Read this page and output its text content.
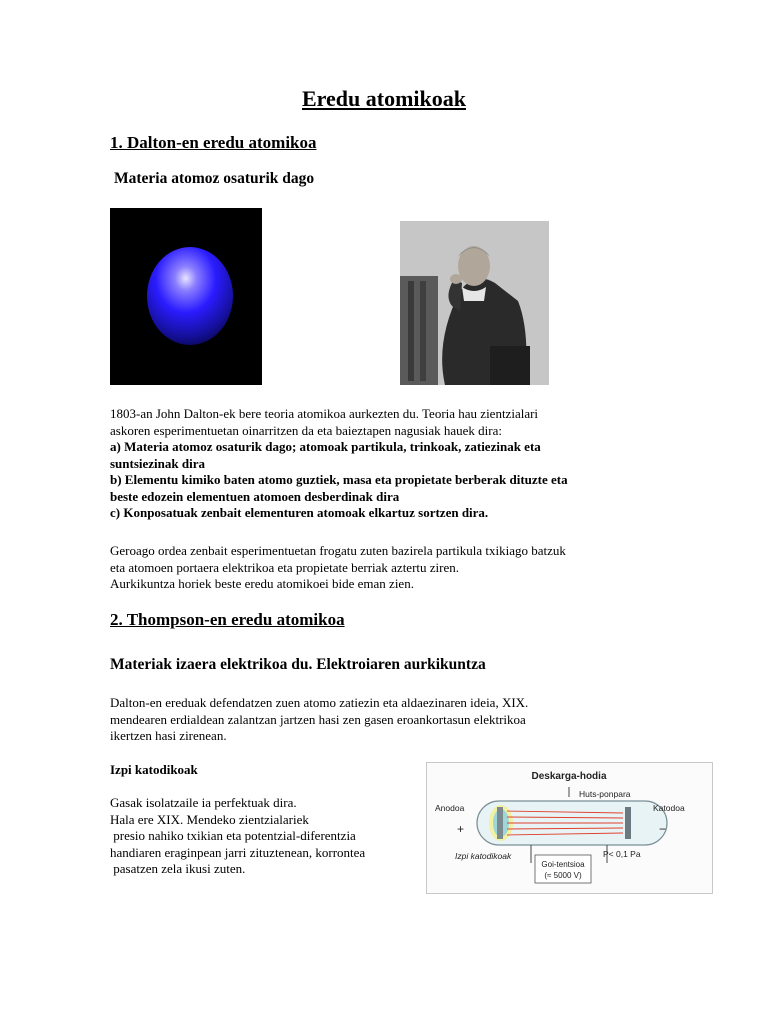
Eredu atomikoak
1. Dalton-en eredu atomikoa
Materia atomoz osaturik dago
1803-an John Dalton-ek bere teoria atomikoa aurkezten du. Teoria hau zientzialari
askoren esperimentuetan oinarritzen da eta baieztapen nagusiak hauek dira:
a) Materia atomoz osaturik dago; atomoak partikula, trinkoak, zatiezinak eta
suntsiezinak dira
b) Elementu kimiko baten atomo guztiek, masa eta propietate berberak dituzte eta
beste edozein elementuen atomoen desberdinak dira
c) Konposatuak zenbait elementuren atomoak elkartuz sortzen dira.
Geroago ordea zenbait esperimentuetan frogatu zuten bazirela partikula txikiago batzuk
eta atomoen portaera elektrikoa eta propietate berriak aztertu ziren.
Aurkikuntza horiek beste eredu atomikoei bide eman zien.
2. Thompson-en eredu atomikoa
Materiak izaera elektrikoa du. Elektroiaren aurkikuntza
Dalton-en ereduak defendatzen zuen atomo zatiezin eta aldaezinaren ideia, XIX.
mendearen erdialdean zalantzan jartzen hasi zen gasen eroankortasun elektrikoa
ikertzen hasi zirenean.
Izpi katodikoak
Gasak isolatzaile ia perfektuak dira.
Hala ere XIX. Mendeko zientzialariek
presio nahiko txikian eta potentzial-diferentzia
handiaren eraginpean jarri zituztenean, korrontea
pasatzen zela ikusi zuten.
Deskarga-hodia
Huts-ponpara
Anodoa	Katodoa
+	−
Izpi katodikoak	P< 0,1 Pa
Goi-tentsioa
(≈ 5000 V)
